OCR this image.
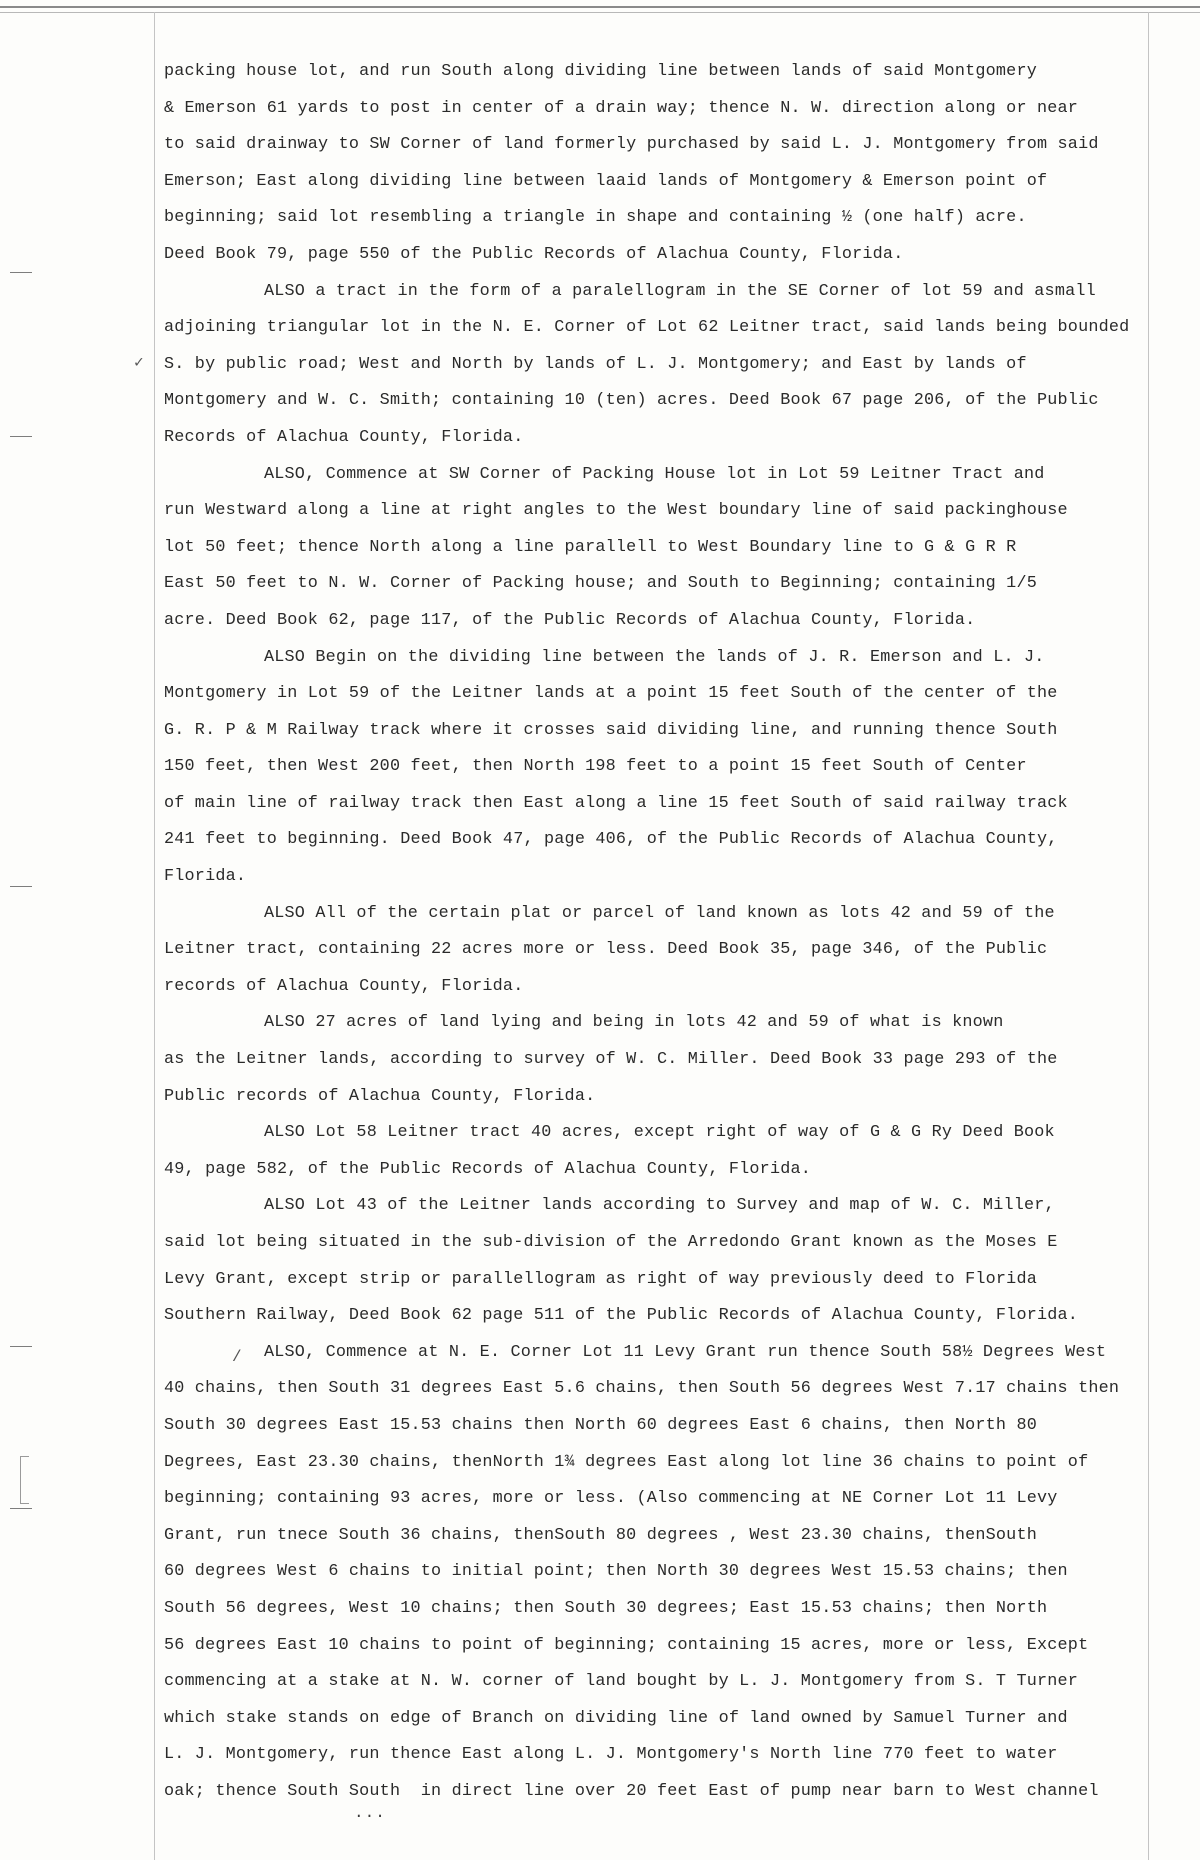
✓
/
packing house lot, and run South along dividing line between lands of said Montgomery
& Emerson 61 yards to post in center of a drain way; thence N. W. direction along or near
to said drainway to SW Corner of land formerly purchased by said L. J. Montgomery from said
Emerson; East along dividing line between laaid lands of Montgomery & Emerson point of
beginning; said lot resembling a triangle in shape and containing ½ (one half) acre.
Deed Book 79, page 550 of the Public Records of Alachua County, Florida.
ALSO a tract in the form of a paralellogram in the SE Corner of lot 59 and asmall
adjoining triangular lot in the N. E. Corner of Lot 62 Leitner tract, said lands being bounded
S. by public road; West and North by lands of L. J. Montgomery; and East by lands of
Montgomery and W. C. Smith; containing 10 (ten) acres. Deed Book 67 page 206, of the Public
Records of Alachua County, Florida.
ALSO, Commence at SW Corner of Packing House lot in Lot 59 Leitner Tract and
run Westward along a line at right angles to the West boundary line of said packinghouse
lot 50 feet; thence North along a line parallell to West Boundary line to G & G R R
East 50 feet to N. W. Corner of Packing house; and South to Beginning; containing 1/5
acre. Deed Book 62, page 117, of the Public Records of Alachua County, Florida.
ALSO Begin on the dividing line between the lands of J. R. Emerson and L. J.
Montgomery in Lot 59 of the Leitner lands at a point 15 feet South of the center of the
G. R. P & M Railway track where it crosses said dividing line, and running thence South
150 feet, then West 200 feet, then North 198 feet to a point 15 feet South of Center
of main line of railway track then East along a line 15 feet South of said railway track
241 feet to beginning. Deed Book 47, page 406, of the Public Records of Alachua County,
Florida.
ALSO All of the certain plat or parcel of land known as lots 42 and 59 of the
Leitner tract, containing 22 acres more or less. Deed Book 35, page 346, of the Public
records of Alachua County, Florida.
ALSO 27 acres of land lying and being in lots 42 and 59 of what is known
as the Leitner lands, according to survey of W. C. Miller. Deed Book 33 page 293 of the
Public records of Alachua County, Florida.
ALSO Lot 58 Leitner tract 40 acres, except right of way of G & G Ry Deed Book
49, page 582, of the Public Records of Alachua County, Florida.
ALSO Lot 43 of the Leitner lands according to Survey and map of W. C. Miller,
said lot being situated in the sub-division of the Arredondo Grant known as the Moses E
Levy Grant, except strip or parallellogram as right of way previously deed to Florida
Southern Railway, Deed Book 62 page 511 of the Public Records of Alachua County, Florida.
ALSO, Commence at N. E. Corner Lot 11 Levy Grant run thence South 58½ Degrees West
40 chains, then South 31 degrees East 5.6 chains, then South 56 degrees West 7.17 chains then
South 30 degrees East 15.53 chains then North 60 degrees East 6 chains, then North 80
Degrees, East 23.30 chains, thenNorth 1¾ degrees East along lot line 36 chains to point of
beginning; containing 93 acres, more or less. (Also commencing at NE Corner Lot 11 Levy
Grant, run tnece South 36 chains, thenSouth 80 degrees , West 23.30 chains, thenSouth
60 degrees West 6 chains to initial point; then North 30 degrees West 15.53 chains; then
South 56 degrees, West 10 chains; then South 30 degrees; East 15.53 chains; then North
56 degrees East 10 chains to point of beginning; containing 15 acres, more or less, Except
commencing at a stake at N. W. corner of land bought by L. J. Montgomery from S. T Turner
which stake stands on edge of Branch on dividing line of land owned by Samuel Turner and
L. J. Montgomery, run thence East along L. J. Montgomery's North line 770 feet to water
oak; thence South South  in direct line over 20 feet East of pump near barn to West channel
...
